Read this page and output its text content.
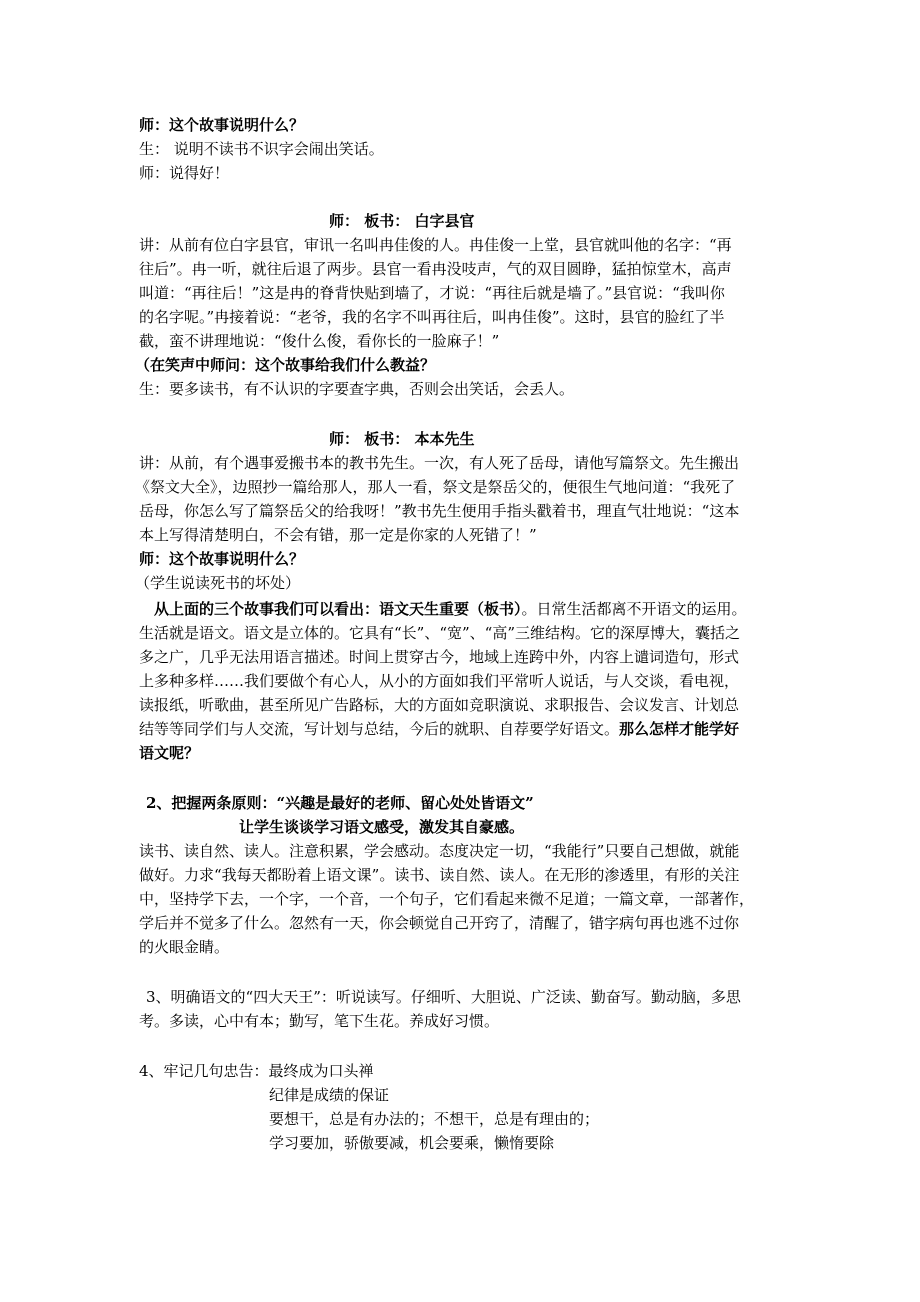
师：这个故事说明什么？
生： 说明不读书不识字会闹出笑话。
师：说得好！
师： 板书： 白字县官
讲：从前有位白字县官，审讯一名叫冉佳俊的人。冉佳俊一上堂，县官就叫他的名字：“再
往后”。冉一听，就往后退了两步。县官一看冉没吱声，气的双目圆睁，猛拍惊堂木，高声
叫道：“再往后！”这是冉的脊背快贴到墙了，才说：“再往后就是墙了。”县官说：“我叫你
的名字呢。”冉接着说：“老爷，我的名字不叫再往后，叫冉佳俊”。这时，县官的脸红了半
截，蛮不讲理地说：“俊什么俊，看你长的一脸麻子！”
（在笑声中师问：这个故事给我们什么教益？
生：要多读书，有不认识的字要查字典，否则会出笑话，会丢人。
师： 板书： 本本先生
讲：从前，有个遇事爱搬书本的教书先生。一次，有人死了岳母，请他写篇祭文。先生搬出
《祭文大全》，边照抄一篇给那人，那人一看，祭文是祭岳父的，便很生气地问道：“我死了
岳母，你怎么写了篇祭岳父的给我呀！”教书先生便用手指头戳着书，理直气壮地说：“这本
本上写得清楚明白，不会有错，那一定是你家的人死错了！”
师：这个故事说明什么？
（学生说读死书的坏处）
从上面的三个故事我们可以看出：语文天生重要（板书）。日常生活都离不开语文的运用。
生活就是语文。语文是立体的。它具有“长”、“宽”、“高”三维结构。它的深厚博大，囊括之
多之广，几乎无法用语言描述。时间上贯穿古今，地域上连跨中外，内容上谴词造句，形式
上多种多样……我们要做个有心人，从小的方面如我们平常听人说话，与人交谈，看电视，
读报纸，听歌曲，甚至所见广告路标，大的方面如竞职演说、求职报告、会议发言、计划总
结等等同学们与人交流，写计划与总结，今后的就职、自荐要学好语文。那么怎样才能学好
语文呢？
2、把握两条原则：“兴趣是最好的老师、留心处处皆语文”
让学生谈谈学习语文感受，激发其自豪感。
读书、读自然、读人。注意积累，学会感动。态度决定一切，“我能行”只要自己想做，就能
做好。力求“我每天都盼着上语文课”。读书、读自然、读人。在无形的渗透里，有形的关注
中，坚持学下去，一个字，一个音，一个句子，它们看起来微不足道；一篇文章，一部著作，
学后并不觉多了什么。忽然有一天，你会顿觉自己开窍了，清醒了，错字病句再也逃不过你
的火眼金睛。
3、明确语文的“四大天王”：听说读写。仔细听、大胆说、广泛读、勤奋写。勤动脑，多思
考。多读，心中有本；勤写，笔下生花。养成好习惯。
4、牢记几句忠告：最终成为口头禅
纪律是成绩的保证
要想干，总是有办法的；不想干，总是有理由的；
学习要加，骄傲要减，机会要乘，懒惰要除
